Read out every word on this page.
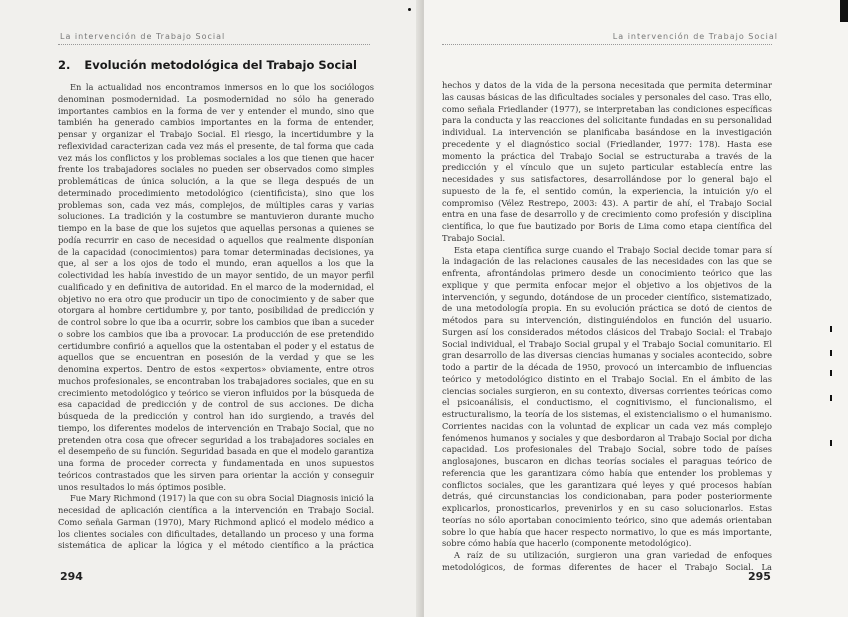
La intervención de Trabajo Social
2. Evolución metodológica del Trabajo Social

En la actualidad nos encontramos inmersos en lo que los sociólogos denominan posmodernidad. La posmodernidad no sólo ha generado importantes cambios en la forma de ver y entender el mundo, sino que también ha generado cambios importantes en la forma de entender, pensar y organizar el Trabajo Social. El riesgo, la incertidumbre y la reflexividad caracterizan cada vez más el presente, de tal forma que cada vez más los conflictos y los problemas sociales a los que tienen que hacer frente los trabajadores sociales no pueden ser observados como simples problemáticas de única solución, a la que se llega después de un determinado procedimiento metodológico (cientificista), sino que los problemas son, cada vez más, complejos, de múltiples caras y varias soluciones. La tradición y la costumbre se mantuvieron durante mucho tiempo en la base de que los sujetos que aquellas personas a quienes se podía recurrir en caso de necesidad o aquellos que realmente disponían de la capacidad (conocimientos) para tomar determinadas decisiones, ya que, al ser a los ojos de todo el mundo, eran aquellos a los que la colectividad les había investido de un mayor sentido, de un mayor perfil cualificado y en definitiva de autoridad. En el marco de la modernidad, el objetivo no era otro que producir un tipo de conocimiento y de saber que otorgara al hombre certidumbre y, por tanto, posibilidad de predicción y de control sobre lo que iba a ocurrir, sobre los cambios que iban a suceder o sobre los cambios que iba a provocar. La producción de ese pretendido certidumbre confirió a aquellos que la ostentaban el poder y el estatus de aquellos que se encuentran en posesión de la verdad y que se les denomina expertos. Dentro de estos «expertos» obviamente, entre otros muchos profesionales, se encontraban los trabajadores sociales, que en su crecimiento metodológico y teórico se vieron influidos por la búsqueda de esa capacidad de predicción y de control de sus acciones. De dicha búsqueda de la predicción y control han ido surgiendo, a través del tiempo, los diferentes modelos de intervención en Trabajo Social, que no pretenden otra cosa que ofrecer seguridad a los trabajadores sociales en el desempeño de su función. Seguridad basada en que el modelo garantiza una forma de proceder correcta y fundamentada en unos supuestos teóricos contrastados que les sirven para orientar la acción y conseguir unos resultados lo más óptimos posible.

Fue Mary Richmond (1917) la que con su obra Social Diagnosis inició la necesidad de aplicación científica a la intervención en Trabajo Social. Como señala Garman (1970), Mary Richmond aplicó el modelo médico a los clientes sociales con dificultades, detallando un proceso y una forma sistemática de aplicar la lógica y el método científico a la práctica

294
La intervención de Trabajo Social

hechos y datos de la vida de la persona necesitada que permita determinar las causas básicas de las dificultades sociales y personales del caso. Tras ello, como señala Friedlander (1977), se interpretaban las condiciones específicas para la conducta y las reacciones del solicitante fundadas en su personalidad individual. La intervención se planificaba basándose en la investigación precedente y el diagnóstico social (Friedlander, 1977: 178). Hasta ese momento la práctica del Trabajo Social se estructuraba a través de la predicción y el vínculo que un sujeto particular establecía entre las necesidades y sus satisfactores, desarrollándose por lo general bajo el supuesto de la fe, el sentido común, la experiencia, la intuición y/o el compromiso (Vélez Restrepo, 2003: 43). A partir de ahí, el Trabajo Social entra en una fase de desarrollo y de crecimiento como profesión y disciplina científica, lo que fue bautizado por Boris de Lima como etapa científica del Trabajo Social.

Esta etapa científica surge cuando el Trabajo Social decide tomar para sí la indagación de las relaciones causales de las necesidades con las que se enfrenta, afrontándolas primero desde un conocimiento teórico que las explique y que permita enfocar mejor el objetivo a los objetivos de la intervención, y segundo, dotándose de un proceder científico, sistematizado, de una metodología propia. En su evolución práctica se dotó de cientos de métodos para su intervención, distinguiéndolos en función del usuario. Surgen así los considerados métodos clásicos del Trabajo Social: el Trabajo Social individual, el Trabajo Social grupal y el Trabajo Social comunitario. El gran desarrollo de las diversas ciencias humanas y sociales acontecido, sobre todo a partir de la década de 1950, provocó un intercambio de influencias teórico y metodológico distinto en el Trabajo Social. En el ámbito de las ciencias sociales surgieron, en su contexto, diversas corrientes teóricas como el psicoanálisis, el conductismo, el cognitivismo, el funcionalismo, el estructuralismo, la teoría de los sistemas, el existencialismo o el humanismo. Corrientes nacidas con la voluntad de explicar un cada vez más complejo fenómenos humanos y sociales y que desbordaron al Trabajo Social por dicha capacidad. Los profesionales del Trabajo Social, sobre todo de países anglosajones, buscaron en dichas teorías sociales el paraguas teórico de referencia que les garantizara cómo había que entender los problemas y conflictos sociales, que les garantizara qué leyes y qué procesos habían detrás, qué circunstancias los condicionaban, para poder posteriormente explicarlos, pronosticarlos, prevenirlos y en su caso solucionarlos. Estas teorías no sólo aportaban conocimiento teórico, sino que además orientaban sobre lo que había que hacer respecto normativo, lo que es más importante, sobre cómo había que hacerlo (componente metodológico).

A raíz de su utilización, surgieron una gran variedad de enfoques metodológicos, de formas diferentes de hacer el Trabajo Social. La

295
